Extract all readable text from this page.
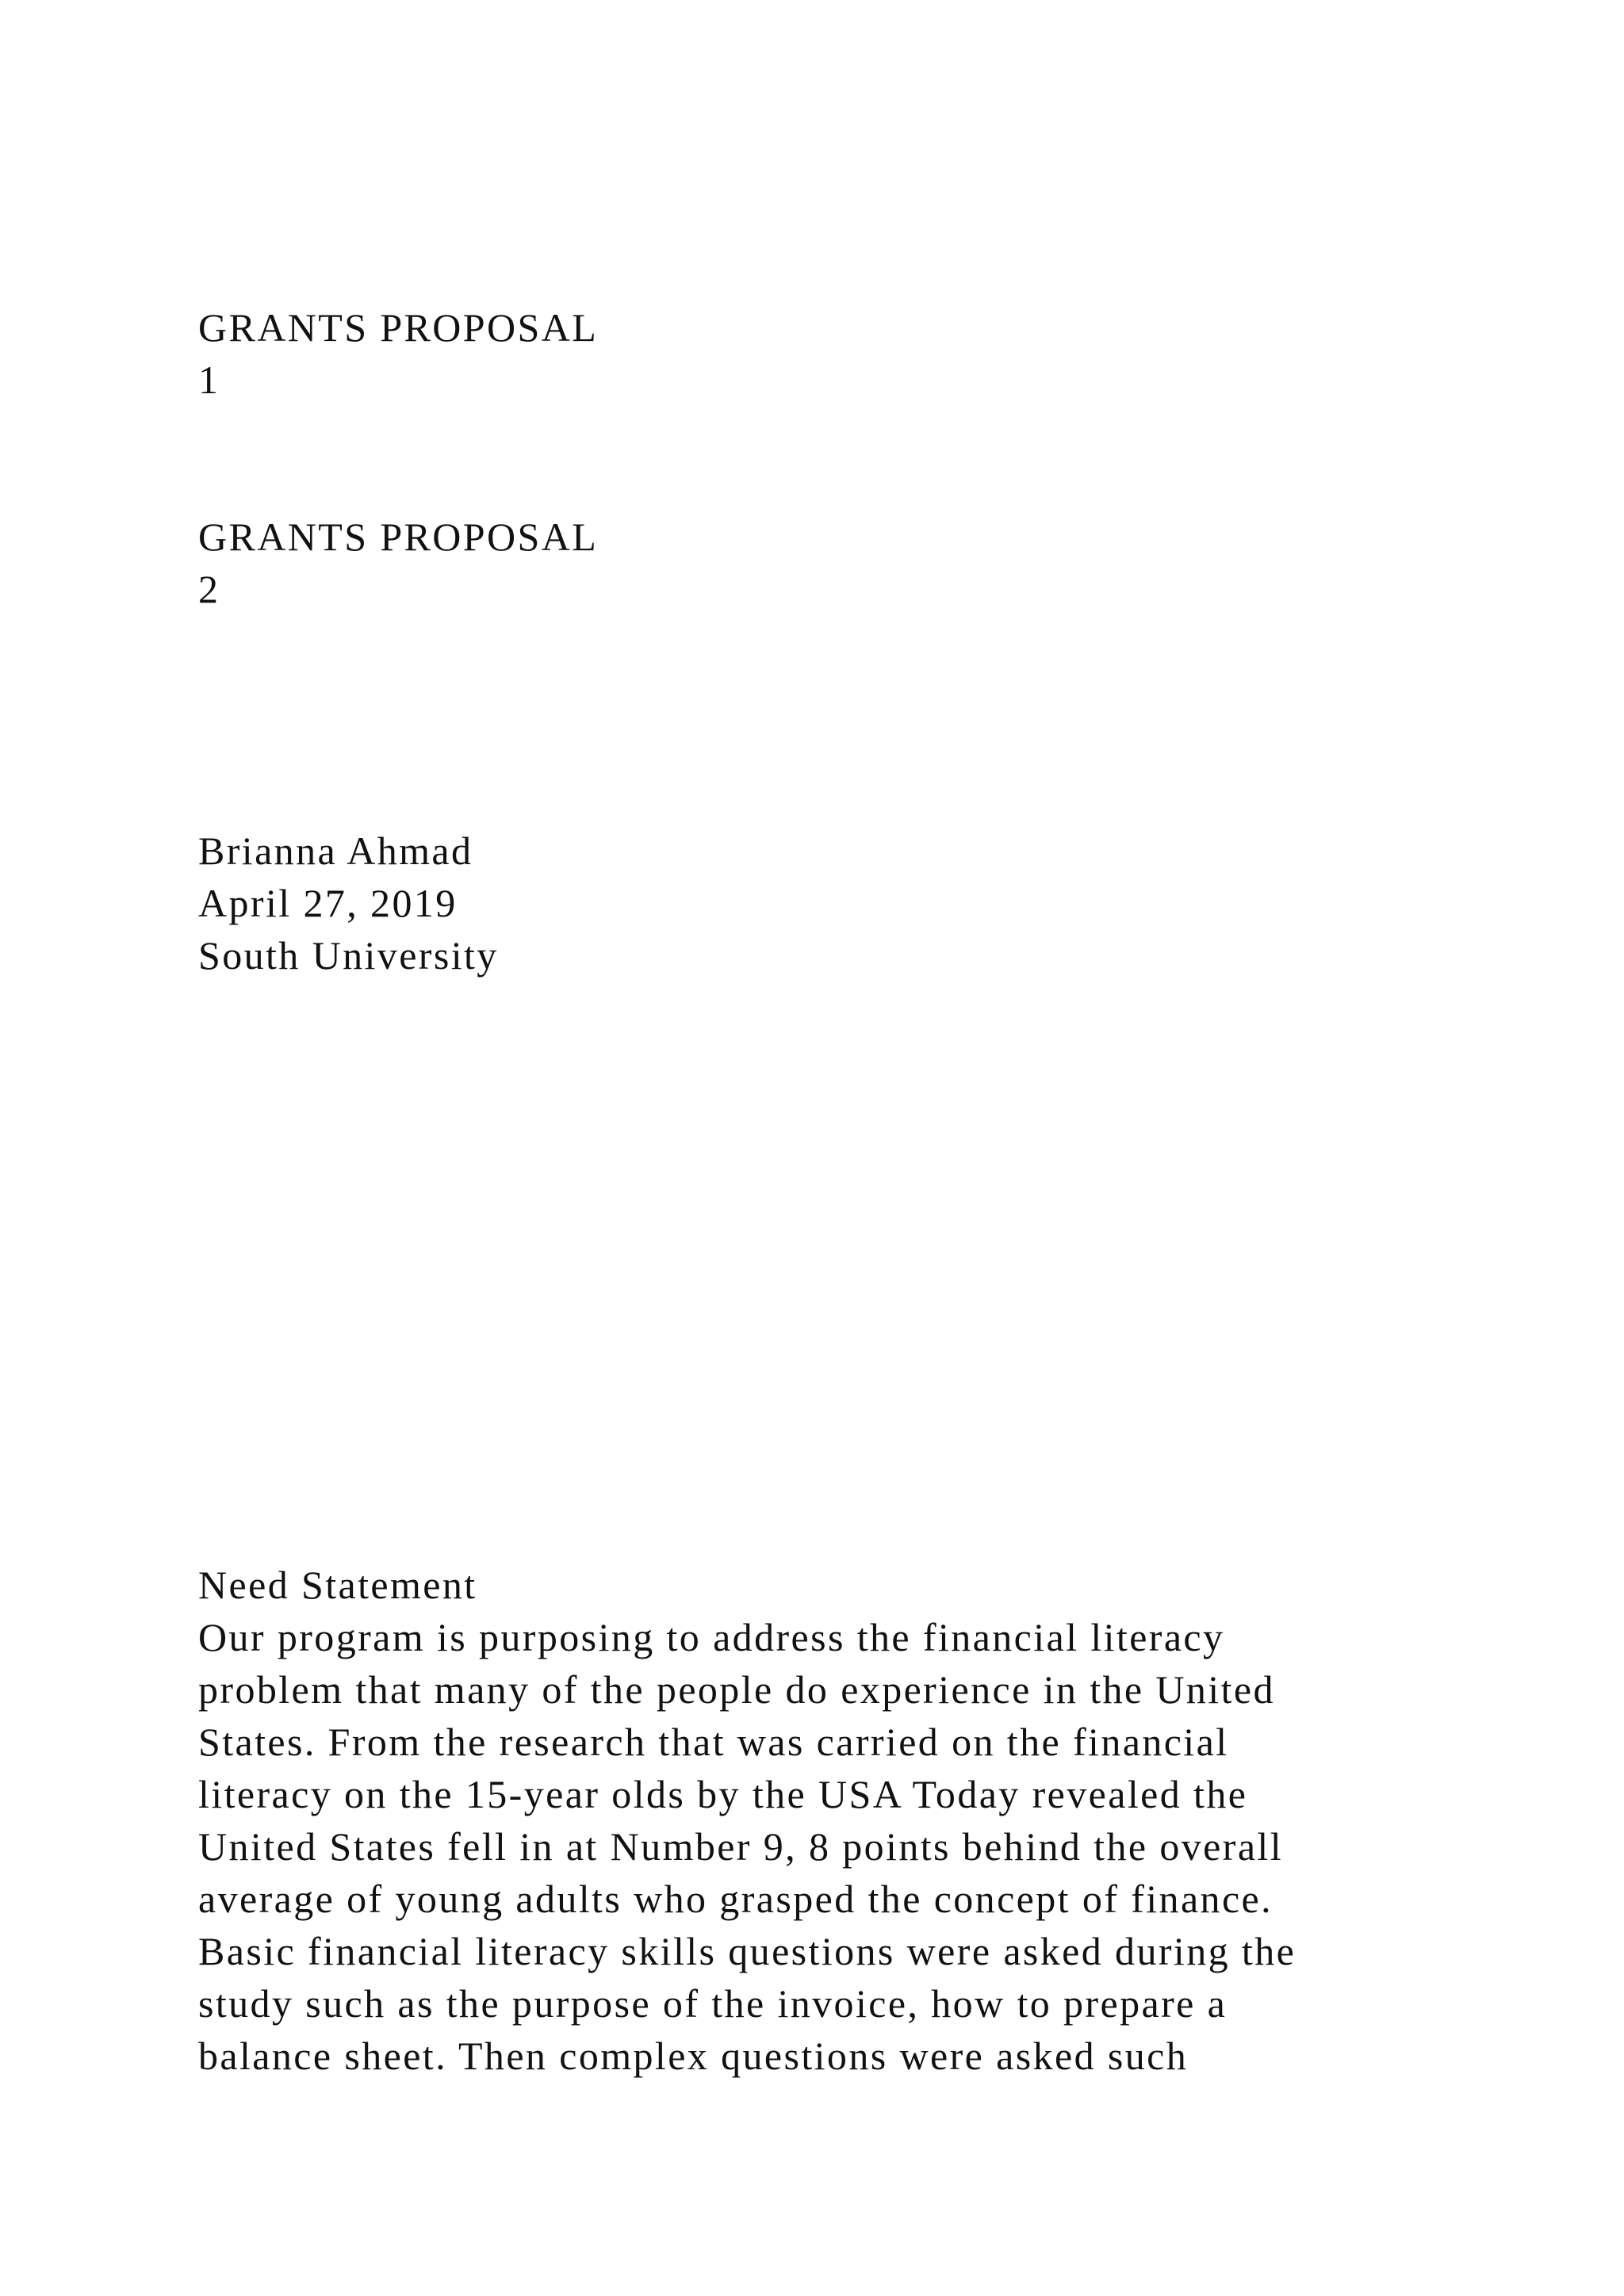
GRANTS PROPOSAL
1
GRANTS PROPOSAL
2
Brianna Ahmad
April 27, 2019
South University
Need Statement
Our program is purposing to address the financial literacy
problem that many of the people do experience in the United
States. From the research that was carried on the financial
literacy on the 15-year olds by the USA Today revealed the
United States fell in at Number 9, 8 points behind the overall
average of young adults who grasped the concept of finance.
Basic financial literacy skills questions were asked during the
study such as the purpose of the invoice, how to prepare a
balance sheet. Then complex questions were asked such
